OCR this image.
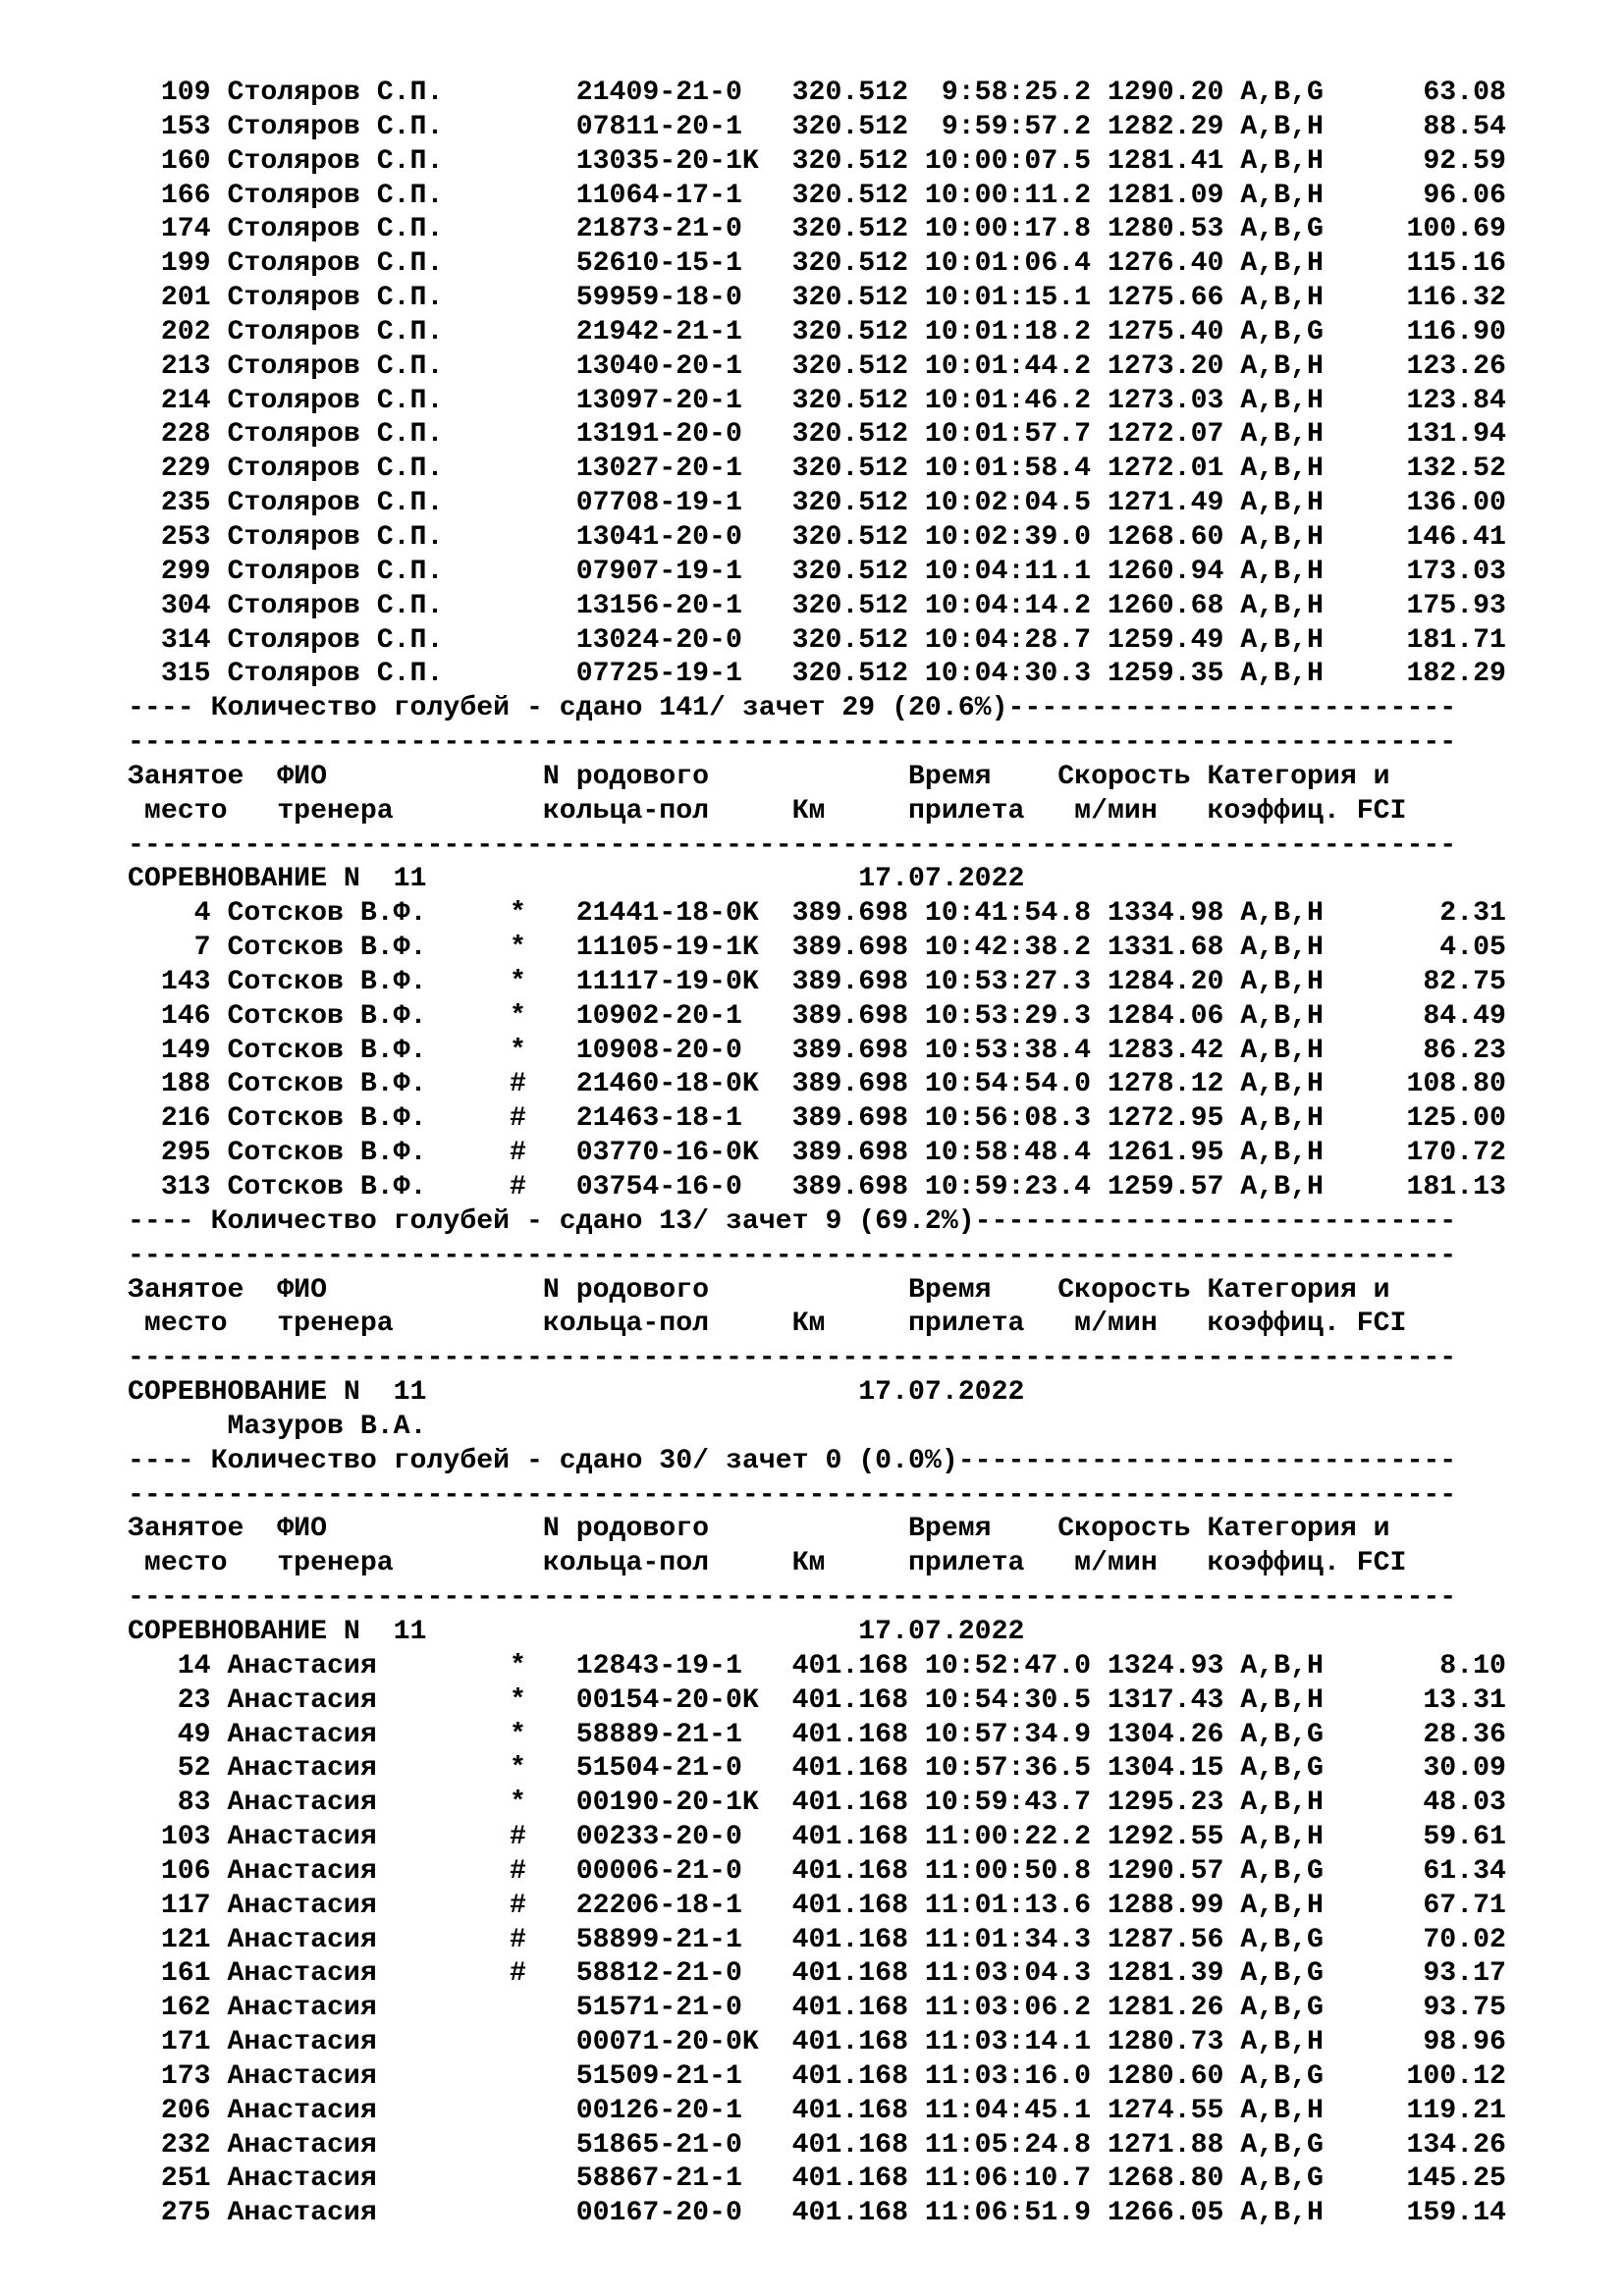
109 Столяров С.П.        21409-21-0   320.512  9:58:25.2 1290.20 A,B,G      63.08
153 Столяров С.П.        07811-20-1   320.512  9:59:57.2 1282.29 A,B,H      88.54
160 Столяров С.П.        13035-20-1K  320.512 10:00:07.5 1281.41 A,B,H      92.59
166 Столяров С.П.        11064-17-1   320.512 10:00:11.2 1281.09 A,B,H      96.06
174 Столяров С.П.        21873-21-0   320.512 10:00:17.8 1280.53 A,B,G     100.69
199 Столяров С.П.        52610-15-1   320.512 10:01:06.4 1276.40 A,B,H     115.16
201 Столяров С.П.        59959-18-0   320.512 10:01:15.1 1275.66 A,B,H     116.32
202 Столяров С.П.        21942-21-1   320.512 10:01:18.2 1275.40 A,B,G     116.90
213 Столяров С.П.        13040-20-1   320.512 10:01:44.2 1273.20 A,B,H     123.26
214 Столяров С.П.        13097-20-1   320.512 10:01:46.2 1273.03 A,B,H     123.84
228 Столяров С.П.        13191-20-0   320.512 10:01:57.7 1272.07 A,B,H     131.94
229 Столяров С.П.        13027-20-1   320.512 10:01:58.4 1272.01 A,B,H     132.52
235 Столяров С.П.        07708-19-1   320.512 10:02:04.5 1271.49 A,B,H     136.00
253 Столяров С.П.        13041-20-0   320.512 10:02:39.0 1268.60 A,B,H     146.41
299 Столяров С.П.        07907-19-1   320.512 10:04:11.1 1260.94 A,B,H     173.03
304 Столяров С.П.        13156-20-1   320.512 10:04:14.2 1260.68 A,B,H     175.93
314 Столяров С.П.        13024-20-0   320.512 10:04:28.7 1259.49 A,B,H     181.71
315 Столяров С.П.        07725-19-1   320.512 10:04:30.3 1259.35 A,B,H     182.29
---- Количество голубей - сдано 141/ зачет 29 (20.6%)---------------------------
--------------------------------------------------------------------------------
Занятое  ФИО             N родового            Время    Скорость Категория и
место   тренера         кольца-пол     Км     прилета   м/мин   коэффиц. FCI
--------------------------------------------------------------------------------
СОРЕВНОВАНИЕ N  11                          17.07.2022
4 Сотсков В.Ф.     *   21441-18-0K  389.698 10:41:54.8 1334.98 A,B,H       2.31
7 Сотсков В.Ф.     *   11105-19-1K  389.698 10:42:38.2 1331.68 A,B,H       4.05
143 Сотсков В.Ф.     *   11117-19-0K  389.698 10:53:27.3 1284.20 A,B,H      82.75
146 Сотсков В.Ф.     *   10902-20-1   389.698 10:53:29.3 1284.06 A,B,H      84.49
149 Сотсков В.Ф.     *   10908-20-0   389.698 10:53:38.4 1283.42 A,B,H      86.23
188 Сотсков В.Ф.     #   21460-18-0K  389.698 10:54:54.0 1278.12 A,B,H     108.80
216 Сотсков В.Ф.     #   21463-18-1   389.698 10:56:08.3 1272.95 A,B,H     125.00
295 Сотсков В.Ф.     #   03770-16-0K  389.698 10:58:48.4 1261.95 A,B,H     170.72
313 Сотсков В.Ф.     #   03754-16-0   389.698 10:59:23.4 1259.57 A,B,H     181.13
---- Количество голубей - сдано 13/ зачет 9 (69.2%)-----------------------------
--------------------------------------------------------------------------------
Занятое  ФИО             N родового            Время    Скорость Категория и
место   тренера         кольца-пол     Км     прилета   м/мин   коэффиц. FCI
--------------------------------------------------------------------------------
СОРЕВНОВАНИЕ N  11                          17.07.2022
Мазуров В.А.
---- Количество голубей - сдано 30/ зачет 0 (0.0%)------------------------------
--------------------------------------------------------------------------------
Занятое  ФИО             N родового            Время    Скорость Категория и
место   тренера         кольца-пол     Км     прилета   м/мин   коэффиц. FCI
--------------------------------------------------------------------------------
СОРЕВНОВАНИЕ N  11                          17.07.2022
14 Анастасия        *   12843-19-1   401.168 10:52:47.0 1324.93 A,B,H       8.10
23 Анастасия        *   00154-20-0K  401.168 10:54:30.5 1317.43 A,B,H      13.31
49 Анастасия        *   58889-21-1   401.168 10:57:34.9 1304.26 A,B,G      28.36
52 Анастасия        *   51504-21-0   401.168 10:57:36.5 1304.15 A,B,G      30.09
83 Анастасия        *   00190-20-1K  401.168 10:59:43.7 1295.23 A,B,H      48.03
103 Анастасия        #   00233-20-0   401.168 11:00:22.2 1292.55 A,B,H      59.61
106 Анастасия        #   00006-21-0   401.168 11:00:50.8 1290.57 A,B,G      61.34
117 Анастасия        #   22206-18-1   401.168 11:01:13.6 1288.99 A,B,H      67.71
121 Анастасия        #   58899-21-1   401.168 11:01:34.3 1287.56 A,B,G      70.02
161 Анастасия        #   58812-21-0   401.168 11:03:04.3 1281.39 A,B,G      93.17
162 Анастасия            51571-21-0   401.168 11:03:06.2 1281.26 A,B,G      93.75
171 Анастасия            00071-20-0K  401.168 11:03:14.1 1280.73 A,B,H      98.96
173 Анастасия            51509-21-1   401.168 11:03:16.0 1280.60 A,B,G     100.12
206 Анастасия            00126-20-1   401.168 11:04:45.1 1274.55 A,B,H     119.21
232 Анастасия            51865-21-0   401.168 11:05:24.8 1271.88 A,B,G     134.26
251 Анастасия            58867-21-1   401.168 11:06:10.7 1268.80 A,B,G     145.25
275 Анастасия            00167-20-0   401.168 11:06:51.9 1266.05 A,B,H     159.14
